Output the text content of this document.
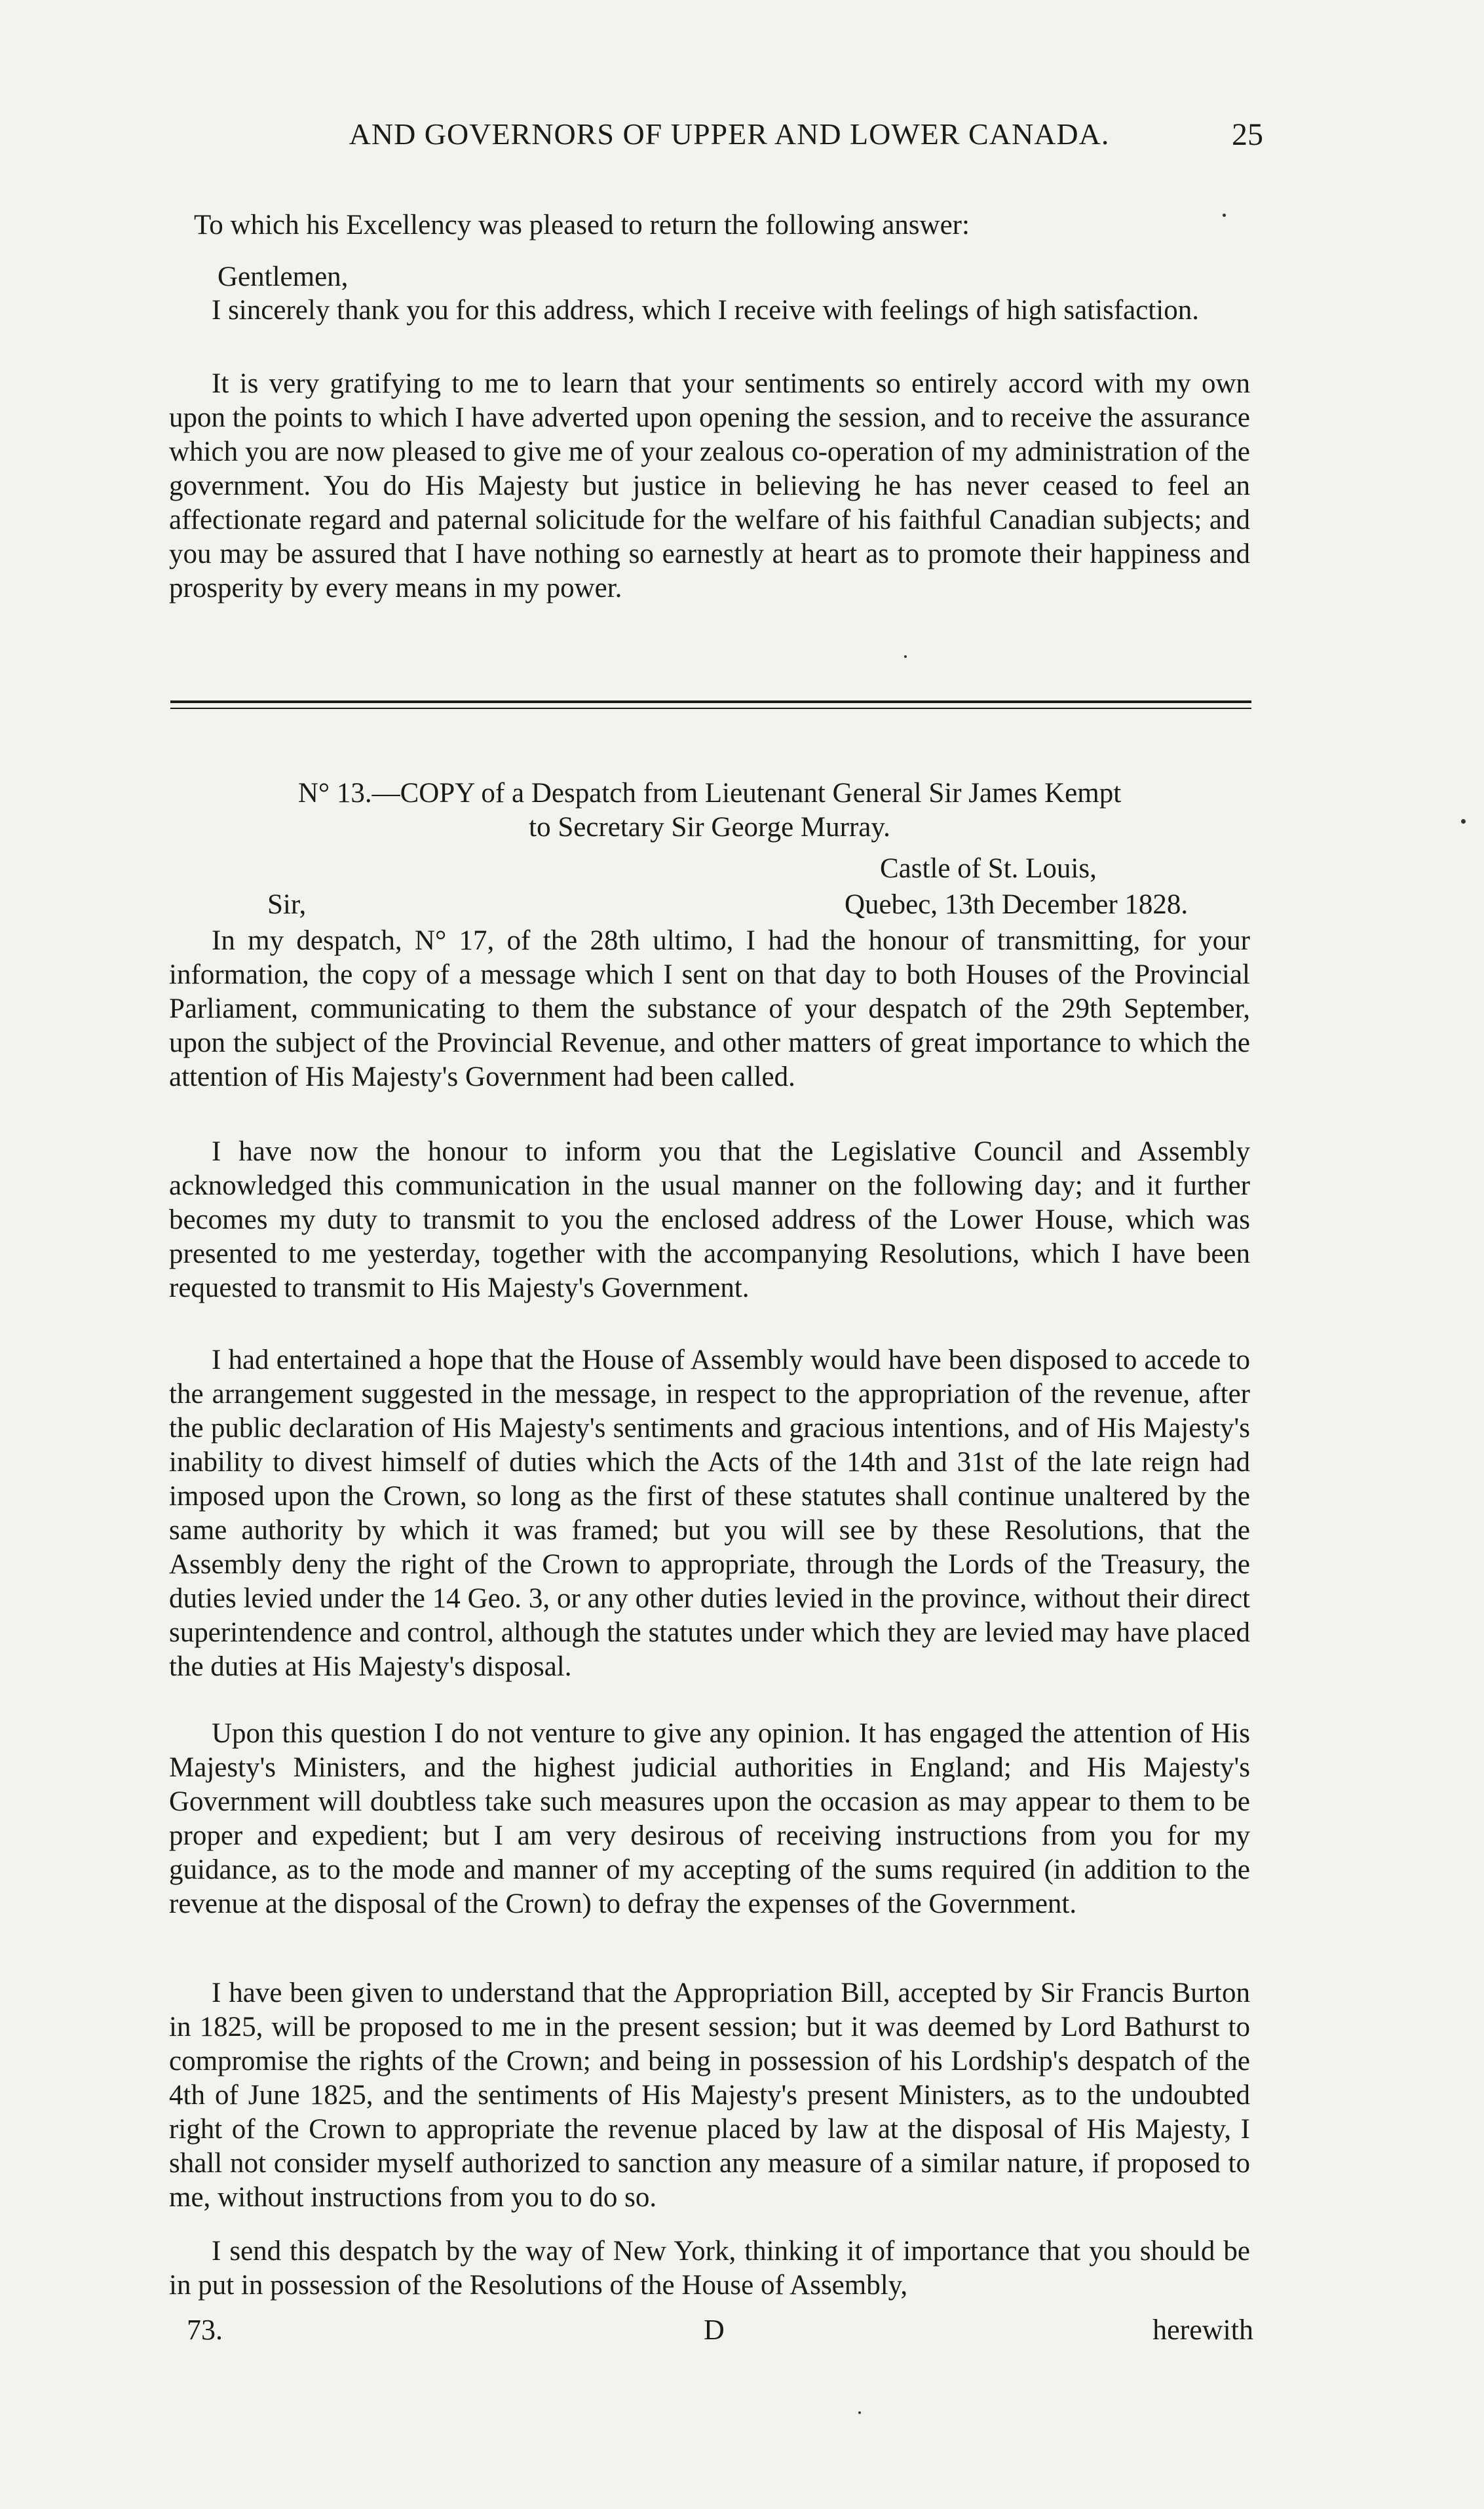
AND GOVERNORS OF UPPER AND LOWER CANADA.	25

To which his Excellency was pleased to return the following answer:

Gentlemen,

I sincerely thank you for this address, which I receive with feelings of high satisfaction.

It is very gratifying to me to learn that your sentiments so entirely accord with my own upon the points to which I have adverted upon opening the session, and to receive the assurance which you are now pleased to give me of your zealous co-operation of my administration of the government. You do His Majesty but justice in believing he has never ceased to feel an affectionate regard and paternal solicitude for the welfare of his faithful Canadian subjects; and you may be assured that I have nothing so earnestly at heart as to promote their happiness and prosperity by every means in my power.

N° 13.—COPY of a Despatch from Lieutenant General Sir James Kempt
to Secretary Sir George Murray.

Castle of St. Louis,

Sir,	Quebec, 13th December 1828.

In my despatch, N° 17, of the 28th ultimo, I had the honour of transmitting, for your information, the copy of a message which I sent on that day to both Houses of the Provincial Parliament, communicating to them the substance of your despatch of the 29th September, upon the subject of the Provincial Revenue, and other matters of great importance to which the attention of His Majesty's Government had been called.

I have now the honour to inform you that the Legislative Council and Assembly acknowledged this communication in the usual manner on the following day; and it further becomes my duty to transmit to you the enclosed address of the Lower House, which was presented to me yesterday, together with the accompanying Resolutions, which I have been requested to transmit to His Majesty's Government.

I had entertained a hope that the House of Assembly would have been disposed to accede to the arrangement suggested in the message, in respect to the appropriation of the revenue, after the public declaration of His Majesty's sentiments and gracious intentions, and of His Majesty's inability to divest himself of duties which the Acts of the 14th and 31st of the late reign had imposed upon the Crown, so long as the first of these statutes shall continue unaltered by the same authority by which it was framed; but you will see by these Resolutions, that the Assembly deny the right of the Crown to appropriate, through the Lords of the Treasury, the duties levied under the 14 Geo. 3, or any other duties levied in the province, without their direct superintendence and control, although the statutes under which they are levied may have placed the duties at His Majesty's disposal.

Upon this question I do not venture to give any opinion. It has engaged the attention of His Majesty's Ministers, and the highest judicial authorities in England; and His Majesty's Government will doubtless take such measures upon the occasion as may appear to them to be proper and expedient; but I am very desirous of receiving instructions from you for my guidance, as to the mode and manner of my accepting of the sums required (in addition to the revenue at the disposal of the Crown) to defray the expenses of the Government.

I have been given to understand that the Appropriation Bill, accepted by Sir Francis Burton in 1825, will be proposed to me in the present session; but it was deemed by Lord Bathurst to compromise the rights of the Crown; and being in possession of his Lordship's despatch of the 4th of June 1825, and the sentiments of His Majesty's present Ministers, as to the undoubted right of the Crown to appropriate the revenue placed by law at the disposal of His Majesty, I shall not consider myself authorized to sanction any measure of a similar nature, if proposed to me, without instructions from you to do so.

I send this despatch by the way of New York, thinking it of importance that you should be in put in possession of the Resolutions of the House of Assembly,

73.	D	herewith
